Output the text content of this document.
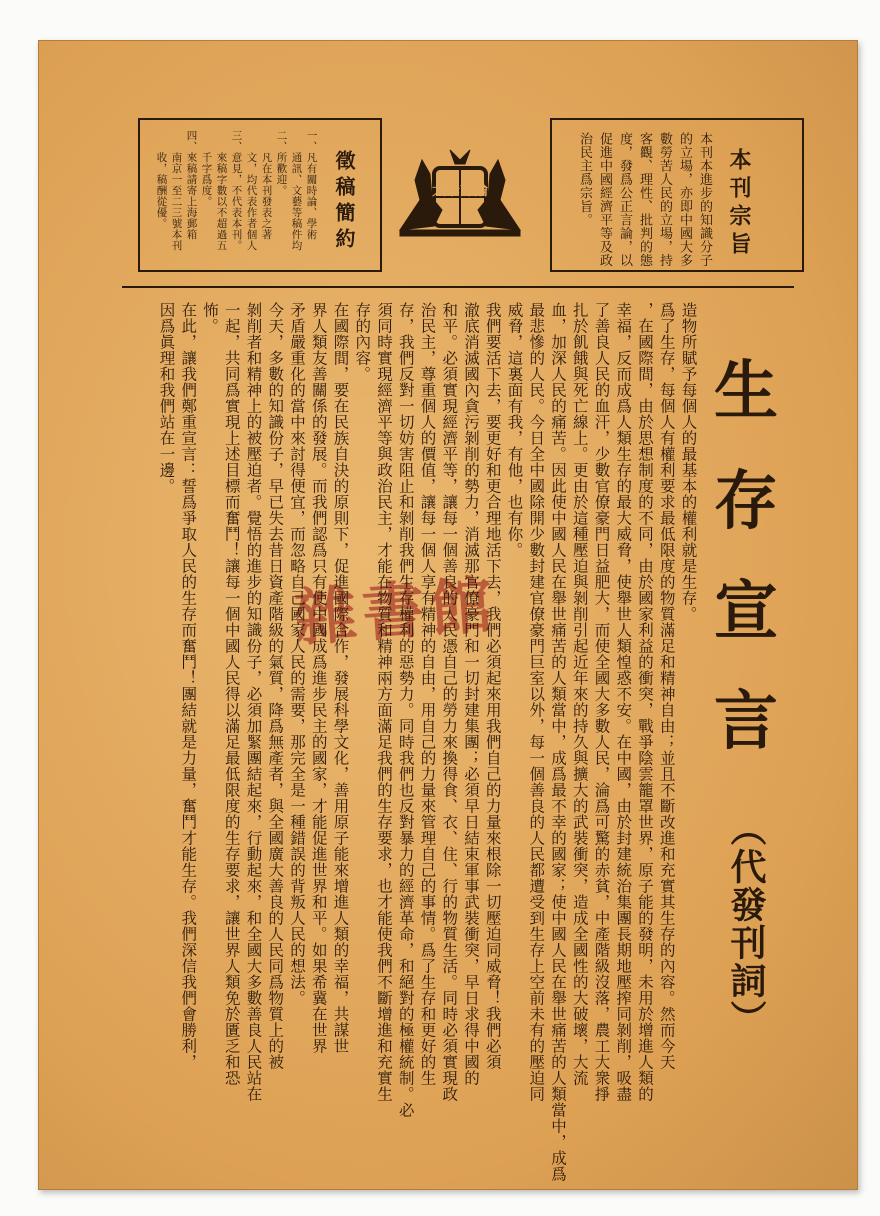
本刊宗旨
大學評論
徵稿簡約
（代發刊詞）
雜書館
本刊本進步的知識分子
的立場，亦即中國大多
數勞苦人民的立場，持
客觀、理性、批判的態
度，發爲公正言論，以
促進中國經濟平等及政
治民主爲宗旨。
一、凡有關時論、學術
　　通訊、文藝等稿件均
二、所歡迎。　　
　　凡在本刊發表之著
　　文，均代表作者個人
三、意見，不代表本刊。
　　來稿字數以不超過五
　　千字爲度。
四、來稿請寄上海郵箱
　　南京一至二三號本刊
　　收，稿酬從優。
生
存
宣
言
造物所賦予每個人的最基本的權利就是生存。
爲了生存，每個人有權利要求最低限度的物質滿足和精神自由；並且不斷改進和充實其生存的內容。然而今天
，在國際間，由於思想制度的不同，由於國家利益的衝突，戰爭陰雲籠罩世界，原子能的發明，未用於增進人類的
幸福，反而成爲人類生存的最大威脅，使舉世人類惶惑不安。在中國，由於封建統治集團長期地壓搾同剝削，吸盡
了善良人民的血汗，少數官僚豪門日益肥大，而使全國大多數人民，淪爲可驚的赤貧，中產階級沒落，農工大衆掙
扎於飢餓與死亡線上。更由於這種壓迫與剝削引起近年來的持久與擴大的武裝衝突，造成全國性的大破壞，大流
血，加深人民的痛苦。因此使中國人民在舉世痛苦的人類當中，成爲最不幸的國家；使中國人民在舉世痛苦的人類當中，成爲
最悲慘的人民。今日全中國除開少數封建官僚豪門巨室以外，每一個善良的人民都遭受到生存上空前未有的壓迫同
威脅，這裏面有我，有他，也有你。
我們要活下去，要更好和更合理地活下去，我們必須起來用我們自己的力量來根除一切壓迫同威脅！我們必須
澈底消滅國內貪污剝削的勢力，消滅那官僚豪門和一切封建集團；必須早日結束軍事武裝衝突，早日求得中國的
和平。必須實現經濟平等，讓每一個善良的人民憑自己的勞力來換得食、衣、住、行的物質生活。同時必須實現政
治民主，尊重個人的價值，讓每一個人享有精神的自由，用自己的力量來管理自己的事情。爲了生存和更好的生
存，我們反對一切妨害阻止和剝削我們生存權利的惡勢力。同時我們也反對暴力的經濟革命，和絕對的極權統制。必
須同時實現經濟平等與政治民主，才能在物質和精神兩方面滿足我們的生存要求，也才能使我們不斷增進和充實生
存的內容。
在國際間，要在民族自決的原則下，促進國際合作，發展科學文化，善用原子能來增進人類的幸福，共謀世
界人類友善關係的發展。而我們認爲只有使中國成爲進步民主的國家，才能促進世界和平。如果希冀在世界
矛盾嚴重化的當中來討得便宜，而忽略自己國家人民的需要，那完全是一種錯誤的背叛人民的想法。
今天，多數的知識份子，早已失去昔日資產階級的氣質，降爲無產者，與全國廣大善良的人民同爲物質上的被
剝削者和精神上的被壓迫者。覺悟的進步的知識份子，必須加緊團結起來，行動起來，和全國大多數善良人民站在
一起，共同爲實現上述目標而奮鬥！讓每一個中國人民得以滿足最低限度的生存要求，讓世界人類免於匱乏和恐
怖。
在此，讓我們鄭重宣言：誓爲爭取人民的生存而奮鬥！團結就是力量，奮鬥才能生存。我們深信我們會勝利，
因爲眞理和我們站在一邊。
